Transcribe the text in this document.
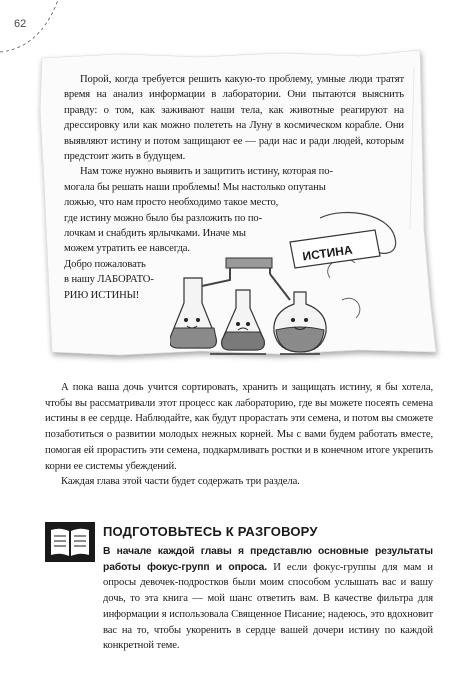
62

Порой, когда требуется решить какую-то проблему, умные люди тратят время на анализ информации в лаборатории. Они пытаются выяснить правду: о том, как заживают наши тела, как животные реагируют на дрессировку или как можно полететь на Луну в космическом корабле. Они выявляют истину и потом защищают ее — ради нас и ради людей, которым предстоит жить в будущем.

Нам тоже нужно выявить и защитить истину, которая по-
могала бы решать наши проблемы! Мы настолько опутаны
ложью, что нам просто необходимо такое место,
где истину можно было бы разложить по по-
лочкам и снабдить ярлычками. Иначе мы
можем утратить ее навсегда.
Добро пожаловать
в нашу ЛАБОРАТО-
РИЮ ИСТИНЫ!
ИСТИНА

А пока ваша дочь учится сортировать, хранить и защищать истину, я бы хотела, чтобы вы рассматривали этот процесс как лабораторию, где вы можете посеять семена истины в ее сердце. Наблюдайте, как будут прорастать эти семена, и потом вы сможете позаботиться о развитии молодых нежных корней. Мы с вами будем работать вместе, помогая ей прорастить эти семена, подкармливать ростки и в конечном итоге укрепить корни ее системы убеждений.

Каждая глава этой части будет содержать три раздела.

ПОДГОТОВЬТЕСЬ К РАЗГОВОРУ

В начале каждой главы я представлю основные результаты работы фокус-групп и опроса. И если фокус-группы для мам и опросы девочек-подростков были моим способом услышать вас и вашу дочь, то эта книга — мой шанс ответить вам. В качестве фильтра для информации я использовала Священное Писание; надеюсь, это вдохновит вас на то, чтобы укоренить в сердце вашей дочери истину по каждой конкретной теме.
